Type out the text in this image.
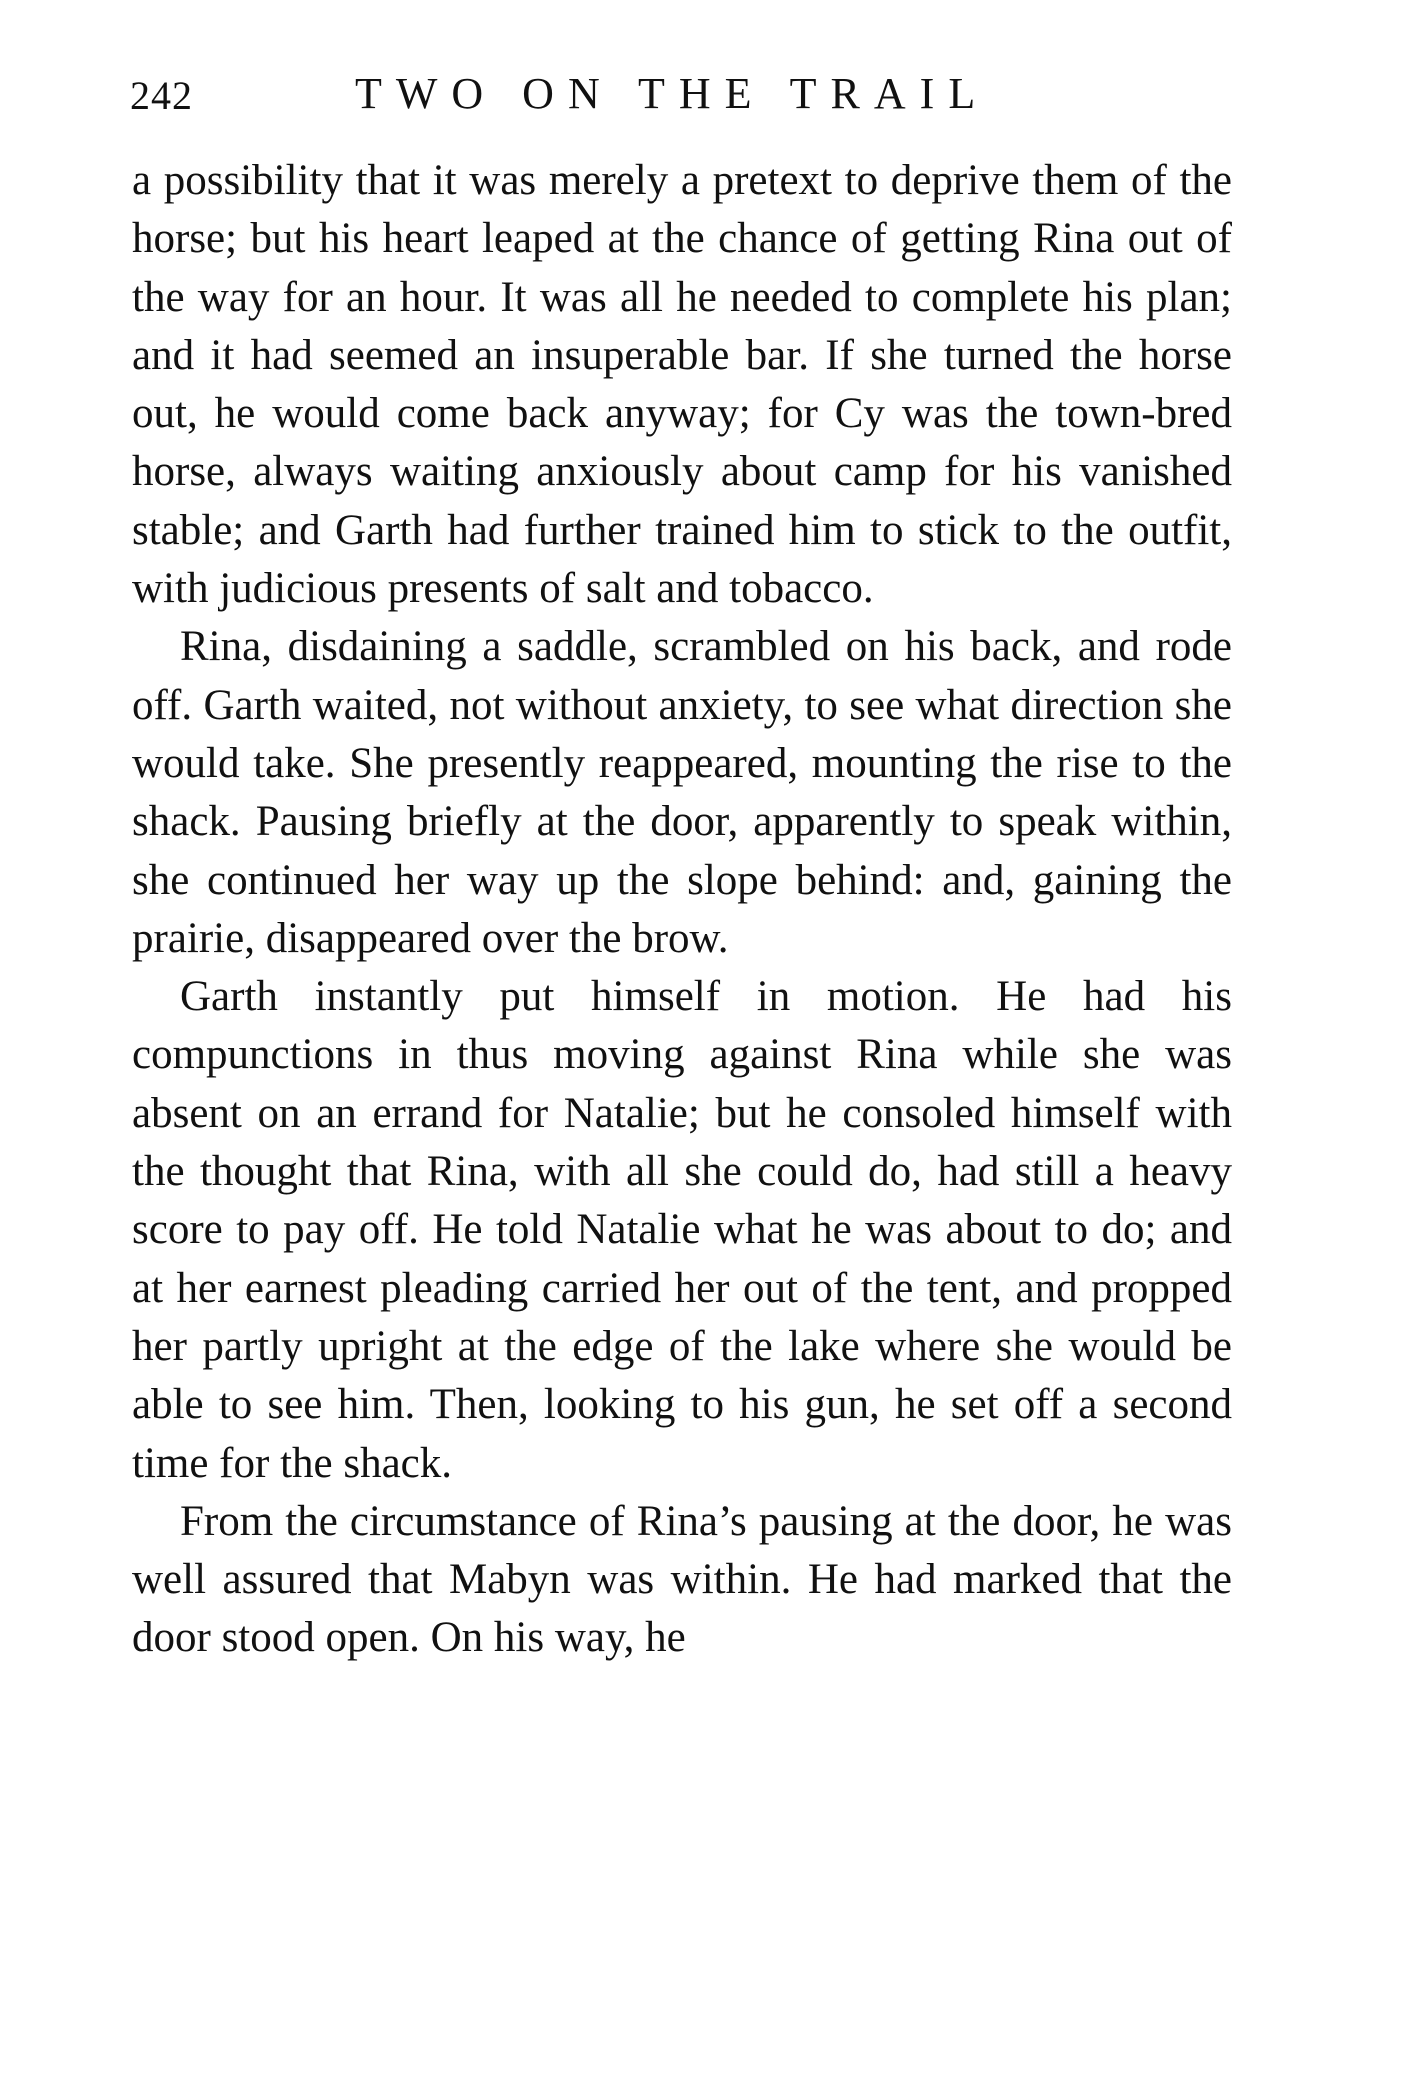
242	TWO ON THE TRAIL

a possibility that it was merely a pretext to deprive them of the horse; but his heart leaped at the chance of getting Rina out of the way for an hour. It was all he needed to complete his plan; and it had seemed an insuperable bar. If she turned the horse out, he would come back anyway; for Cy was the town-bred horse, always waiting anxiously about camp for his vanished stable; and Garth had further trained him to stick to the outfit, with judicious presents of salt and tobacco.

Rina, disdaining a saddle, scrambled on his back, and rode off. Garth waited, not without anxiety, to see what direction she would take. She presently reappeared, mounting the rise to the shack. Pausing briefly at the door, apparently to speak within, she continued her way up the slope behind: and, gaining the prairie, disappeared over the brow.

Garth instantly put himself in motion. He had his compunctions in thus moving against Rina while she was absent on an errand for Natalie; but he consoled himself with the thought that Rina, with all she could do, had still a heavy score to pay off. He told Natalie what he was about to do; and at her earnest pleading carried her out of the tent, and propped her partly upright at the edge of the lake where she would be able to see him. Then, looking to his gun, he set off a second time for the shack.

From the circumstance of Rina’s pausing at the door, he was well assured that Mabyn was within. He had marked that the door stood open. On his way, he
